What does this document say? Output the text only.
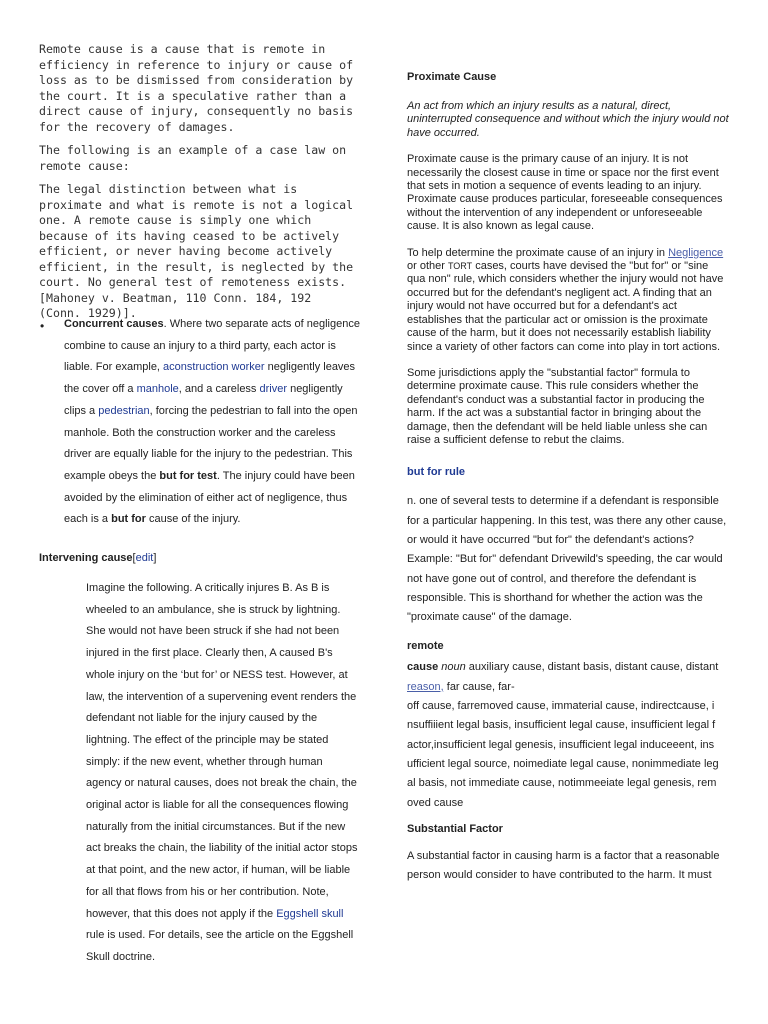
Remote cause is a cause that is remote in efficiency in reference to injury or cause of loss as to be dismissed from consideration by the court. It is a speculative rather than a direct cause of injury, consequently no basis for the recovery of damages.

The following is an example of a case law on remote cause:

The legal distinction between what is proximate and what is remote is not a logical one. A remote cause is simply one which because of its having ceased to be actively efficient, or never having become actively efficient, in the result, is neglected by the court. No general test of remoteness exists. [Mahoney v. Beatman, 110 Conn. 184, 192 (Conn. 1929)].

• Concurrent causes. Where two separate acts of negligence combine to cause an injury to a third party, each actor is liable. For example, aconstruction worker negligently leaves the cover off a manhole, and a careless driver negligently clips a pedestrian, forcing the pedestrian to fall into the open manhole. Both the construction worker and the careless driver are equally liable for the injury to the pedestrian. This example obeys the but for test. The injury could have been avoided by the elimination of either act of negligence, thus each is a but for cause of the injury.

Intervening cause[edit]

Imagine the following. A critically injures B. As B is wheeled to an ambulance, she is struck by lightning. She would not have been struck if she had not been injured in the first place. Clearly then, A caused B's whole injury on the ‘but for’ or NESS test. However, at law, the intervention of a supervening event renders the defendant not liable for the injury caused by the lightning. The effect of the principle may be stated simply: if the new event, whether through human agency or natural causes, does not break the chain, the original actor is liable for all the consequences flowing naturally from the initial circumstances. But if the new act breaks the chain, the liability of the initial actor stops at that point, and the new actor, if human, will be liable for all that flows from his or her contribution. Note, however, that this does not apply if the Eggshell skull rule is used. For details, see the article on the Eggshell Skull doctrine.

Proximate Cause

An act from which an injury results as a natural, direct, uninterrupted consequence and without which the injury would not have occurred.

Proximate cause is the primary cause of an injury. It is not necessarily the closest cause in time or space nor the first event that sets in motion a sequence of events leading to an injury. Proximate cause produces particular, foreseeable consequences without the intervention of any independent or unforeseeable cause. It is also known as legal cause.

To help determine the proximate cause of an injury in Negligence or other TORT cases, courts have devised the "but for" or "sine qua non" rule, which considers whether the injury would not have occurred but for the defendant's negligent act. A finding that an injury would not have occurred but for a defendant's act establishes that the particular act or omission is the proximate cause of the harm, but it does not necessarily establish liability since a variety of other factors can come into play in tort actions.

Some jurisdictions apply the "substantial factor" formula to determine proximate cause. This rule considers whether the defendant's conduct was a substantial factor in producing the harm. If the act was a substantial factor in bringing about the damage, then the defendant will be held liable unless she can raise a sufficient defense to rebut the claims.

but for rule

n. one of several tests to determine if a defendant is responsible for a particular happening. In this test, was there any other cause, or would it have occurred "but for" the defendant's actions? Example: "But for" defendant Drivewild's speeding, the car would not have gone out of control, and therefore the defendant is responsible. This is shorthand for whether the action was the "proximate cause" of the damage.

remote

cause noun auxiliary cause, distant basis, distant cause, distant
reason, far cause, far-
off cause, farremoved cause, immaterial cause, indirectcause, i
nsuffiiient legal basis, insufficient legal cause, insufficient legal f
actor,insufficient legal genesis, insufficient legal induceeent, ins
ufficient legal source, noimediate legal cause, nonimmediate leg
al basis, not immediate cause, notimmeeiate legal genesis, rem
oved cause

Substantial Factor

A substantial factor in causing harm is a factor that a reasonable person would consider to have contributed to the harm. It must
